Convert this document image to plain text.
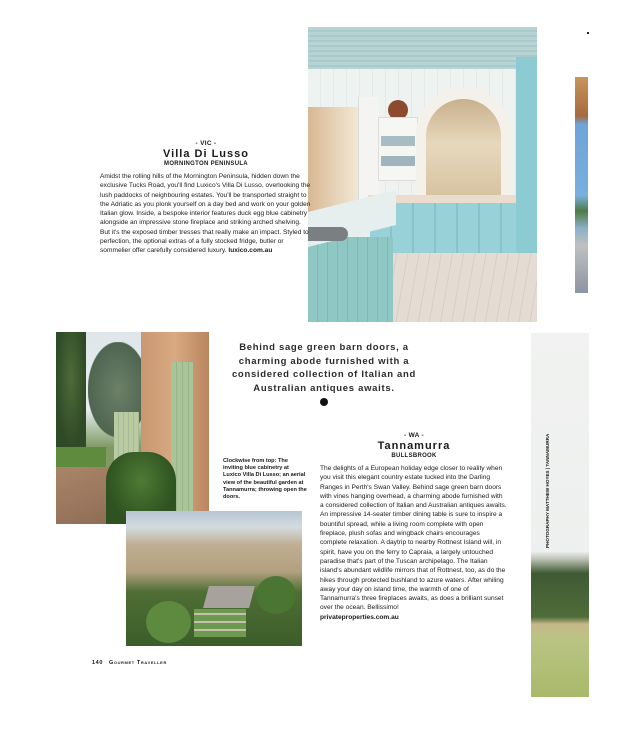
- VIC -
Villa Di Lusso
MORNINGTON PENINSULA
Amidst the rolling hills of the Mornington Peninsula, hidden down the exclusive Tucks Road, you'll find Luxico's Villa Di Lusso, overlooking the lush paddocks of neighbouring estates. You'll be transported straight to the Adriatic as you plonk yourself on a day bed and work on your golden Italian glow. Inside, a bespoke interior features duck egg blue cabinetry alongside an impressive stone fireplace and striking arched shelving. But it's the exposed timber tresses that really make an impact. Styled to perfection, the optional extras of a fully stocked fridge, butler or sommelier offer carefully considered luxury. luxico.com.au
Behind sage green barn doors, a charming abode furnished with a considered collection of Italian and Australian antiques awaits.
Clockwise from top: The inviting blue cabinetry at Luxico Villa Di Lusso; an aerial view of the beautiful garden at Tannamurra; throwing open the doors.
- WA -
Tannamurra
BULLSBROOK
The delights of a European holiday edge closer to reality when you visit this elegant country estate tucked into the Darling Ranges in Perth's Swan Valley. Behind sage green barn doors with vines hanging overhead, a charming abode furnished with a considered collection of Italian and Australian antiques awaits. An impressive 14-seater timber dining table is sure to inspire a bountiful spread, while a living room complete with open fireplace, plush sofas and wingback chairs encourages complete relaxation. A daytrip to nearby Rottnest Island will, in spirit, have you on the ferry to Capraia, a largely untouched paradise that's part of the Tuscan archipelago. The Italian island's abundant wildlife mirrors that of Rottnest, too, as do the hikes through protected bushland to azure waters. After whiling away your day on island time, the warmth of one of Tannamurra's three fireplaces awaits, as does a brilliant sunset over the ocean. Bellissimo!
privateproperties.com.au
PHOTOGRAPHY MATTHEW HOYES | TANNAMURRA
140 Gourmet Traveller
